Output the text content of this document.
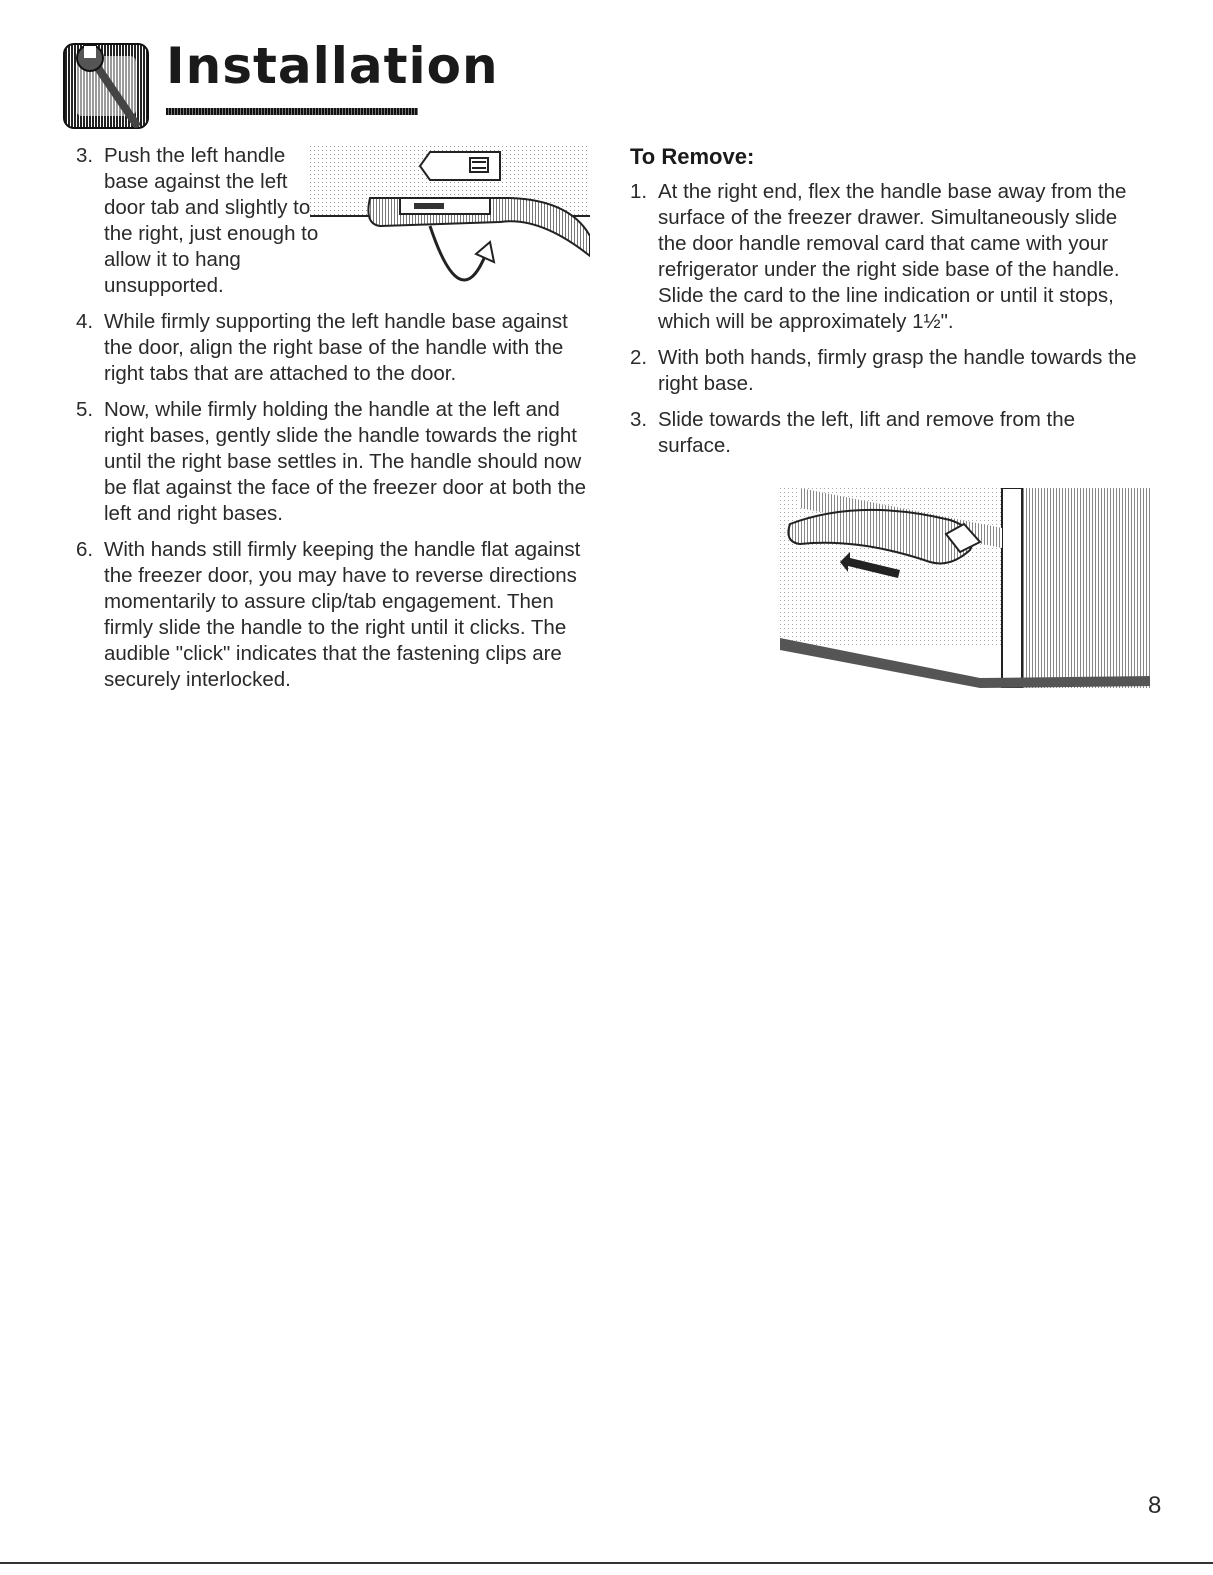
Installation
3. Push the left handle base against the left door tab and slightly to the right, just enough to allow it to hang unsupported.
4. While firmly supporting the left handle base against the door, align the right base of the handle with the right tabs that are attached to the door.
5. Now, while firmly holding the handle at the left and right bases, gently slide the handle towards the right until the right base settles in. The handle should now be flat against the face of the freezer door at both the left and right bases.
6. With hands still firmly keeping the handle flat against the freezer door, you may have to reverse directions momentarily to assure clip/tab engagement. Then firmly slide the handle to the right until it clicks. The audible "click" indicates that the fastening clips are securely interlocked.
To Remove:
1. At the right end, flex the handle base away from the surface of the freezer drawer. Simultaneously slide the door handle removal card that came with your refrigerator under the right side base of the handle. Slide the card to the line indication or until it stops, which will be approximately 1½".
2. With both hands, firmly grasp the handle towards the right base.
3. Slide towards the left, lift and remove from the surface.
8
